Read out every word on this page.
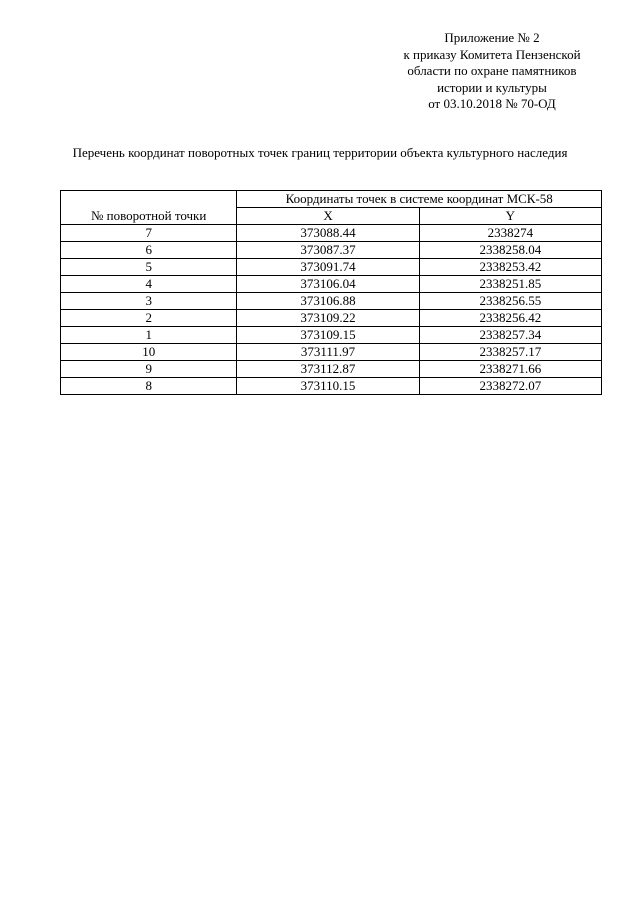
Приложение № 2
к приказу Комитета Пензенской
области по охране памятников
истории и культуры
от 03.10.2018 № 70-ОД
Перечень координат поворотных точек границ территории объекта культурного наследия
№ поворотной точки	Координаты точек в системе координат МСК-58	
	X	Y
7	373088.44	2338274
6	373087.37	2338258.04
5	373091.74	2338253.42
4	373106.04	2338251.85
3	373106.88	2338256.55
2	373109.22	2338256.42
1	373109.15	2338257.34
10	373111.97	2338257.17
9	373112.87	2338271.66
8	373110.15	2338272.07
